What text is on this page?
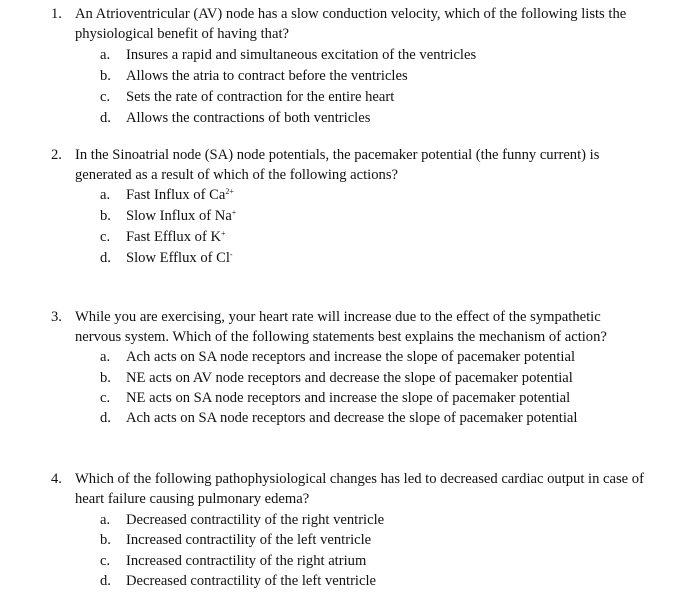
1. An Atrioventricular (AV) node has a slow conduction velocity, which of the following lists the
physiological benefit of having that?
a. Insures a rapid and simultaneous excitation of the ventricles
b. Allows the atria to contract before the ventricles
c. Sets the rate of contraction for the entire heart
d. Allows the contractions of both ventricles
2. In the Sinoatrial node (SA) node potentials, the pacemaker potential (the funny current) is
generated as a result of which of the following actions?
a. Fast Influx of $Ca^{2+}$
b. Slow Influx of Na+
c. Fast Efflux of K+
d. Slow Efflux of Cl-
3. While you are exercising, your heart rate will increase due to the effect of the sympathetic
nervous system. Which of the following statements best explains the mechanism of action?
a. Ach acts on SA node receptors and increase the slope of pacemaker potential
b. NE acts on AV node receptors and decrease the slope of pacemaker potential
c. NE acts on SA node receptors and increase the slope of pacemaker potential
d. Ach acts on SA node receptors and decrease the slope of pacemaker potential
4. Which of the following pathophysiological changes has led to decreased cardiac output in case of
heart failure causing pulmonary edema?
a. Decreased contractility of the right ventricle
b. Increased contractility of the left ventricle
c. Increased contractility of the right atrium
d. Decreased contractility of the left ventricle
